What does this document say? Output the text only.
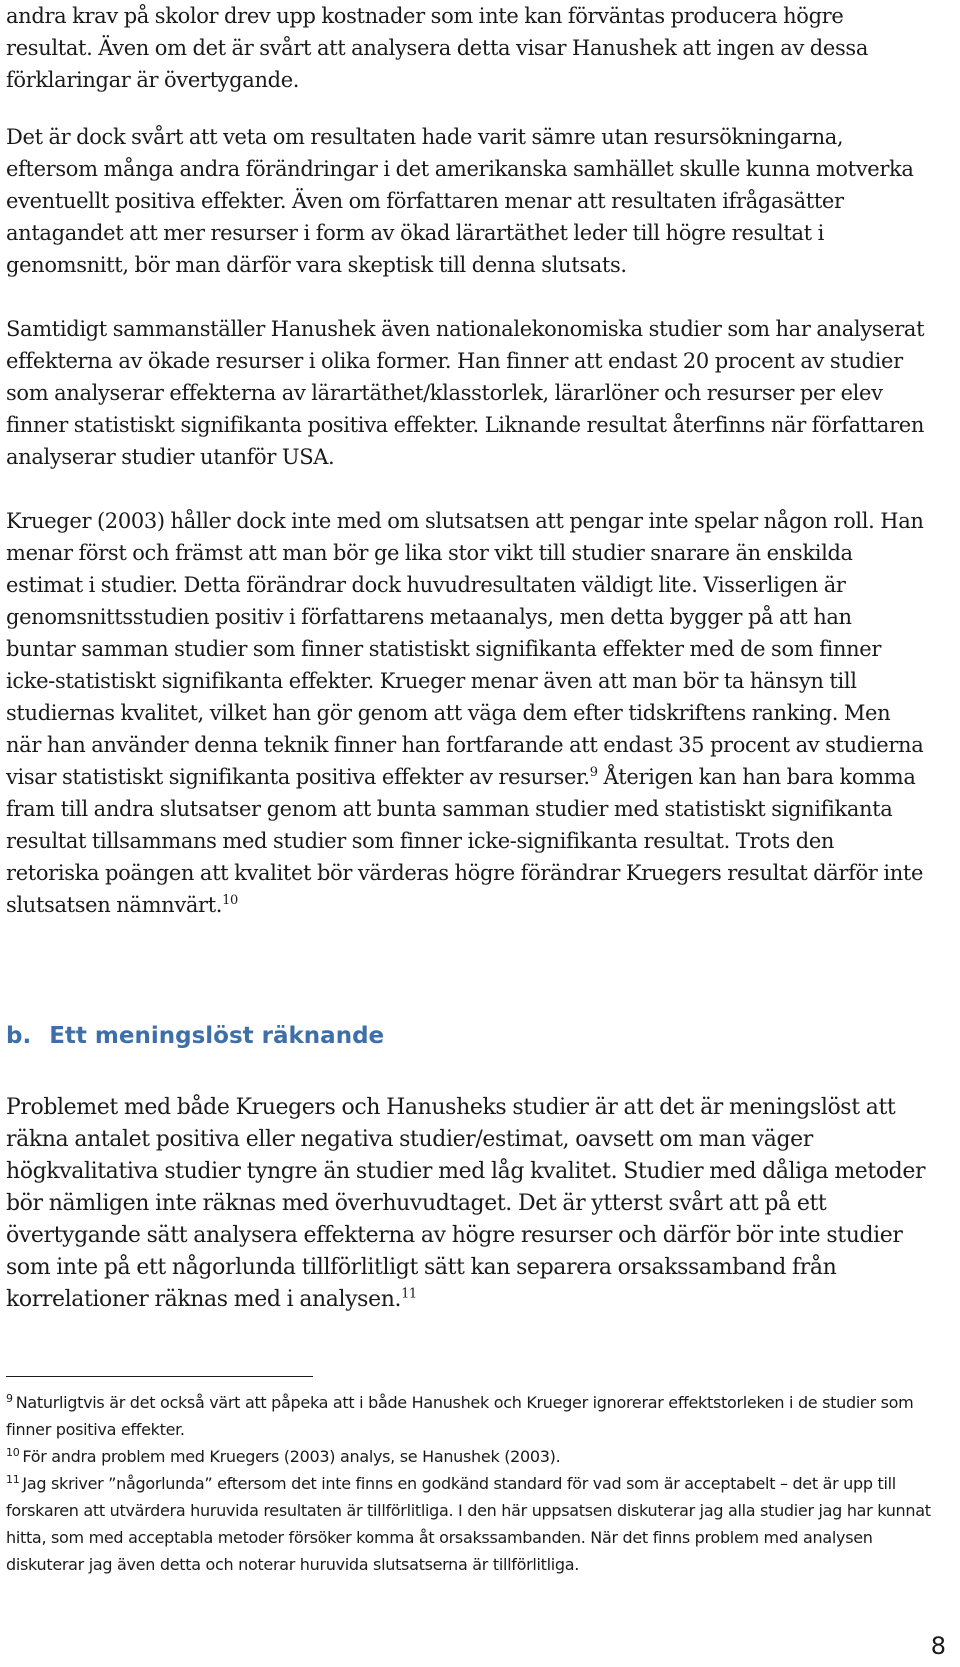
andra krav på skolor drev upp kostnader som inte kan förväntas producera högre resultat. Även om det är svårt att analysera detta visar Hanushek att ingen av dessa förklaringar är övertygande.

Det är dock svårt att veta om resultaten hade varit sämre utan resursökningarna, eftersom många andra förändringar i det amerikanska samhället skulle kunna motverka eventuellt positiva effekter. Även om författaren menar att resultaten ifrågasätter antagandet att mer resurser i form av ökad lärartäthet leder till högre resultat i genomsnitt, bör man därför vara skeptisk till denna slutsats.

Samtidigt sammanställer Hanushek även nationalekonomiska studier som har analyserat effekterna av ökade resurser i olika former. Han finner att endast 20 procent av studier som analyserar effekterna av lärartäthet/klasstorlek, lärarlöner och resurser per elev finner statistiskt signifikanta positiva effekter. Liknande resultat återfinns när författaren analyserar studier utanför USA.

Krueger (2003) håller dock inte med om slutsatsen att pengar inte spelar någon roll. Han menar först och främst att man bör ge lika stor vikt till studier snarare än enskilda estimat i studier. Detta förändrar dock huvudresultaten väldigt lite. Visserligen är genomsnittsstudien positiv i författarens metaanalys, men detta bygger på att han buntar samman studier som finner statistiskt signifikanta effekter med de som finner icke-statistiskt signifikanta effekter. Krueger menar även att man bör ta hänsyn till studiernas kvalitet, vilket han gör genom att väga dem efter tidskriftens ranking. Men när han använder denna teknik finner han fortfarande att endast 35 procent av studierna visar statistiskt signifikanta positiva effekter av resurser.$^9$ Återigen kan han bara komma fram till andra slutsatser genom att bunta samman studier med statistiskt signifikanta resultat tillsammans med studier som finner icke-signifikanta resultat. Trots den retoriska poängen att kvalitet bör värderas högre förändrar Kruegers resultat därför inte slutsatsen nämnvärt.$^{10}$

b. Ett meningslöst räknande

Problemet med både Kruegers och Hanusheks studier är att det är meningslöst att räkna antalet positiva eller negativa studier/estimat, oavsett om man väger högkvalitativa studier tyngre än studier med låg kvalitet. Studier med dåliga metoder bör nämligen inte räknas med överhuvudtaget. Det är ytterst svårt att på ett övertygande sätt analysera effekterna av högre resurser och därför bör inte studier som inte på ett någorlunda tillförlitligt sätt kan separera orsakssamband från korrelationer räknas med i analysen.$^{11}$

$^9$ Naturligtvis är det också värt att påpeka att i både Hanushek och Krueger ignorerar effektstorleken i de studier som finner positiva effekter.

$^{10}$ För andra problem med Kruegers (2003) analys, se Hanushek (2003).

$^{11}$ Jag skriver ”någorlunda” eftersom det inte finns en godkänd standard för vad som är acceptabelt – det är upp till forskaren att utvärdera huruvida resultaten är tillförlitliga. I den här uppsatsen diskuterar jag alla studier jag har kunnat hitta, som med acceptabla metoder försöker komma åt orsakssambanden. När det finns problem med analysen diskuterar jag även detta och noterar huruvida slutsatserna är tillförlitliga.

8
